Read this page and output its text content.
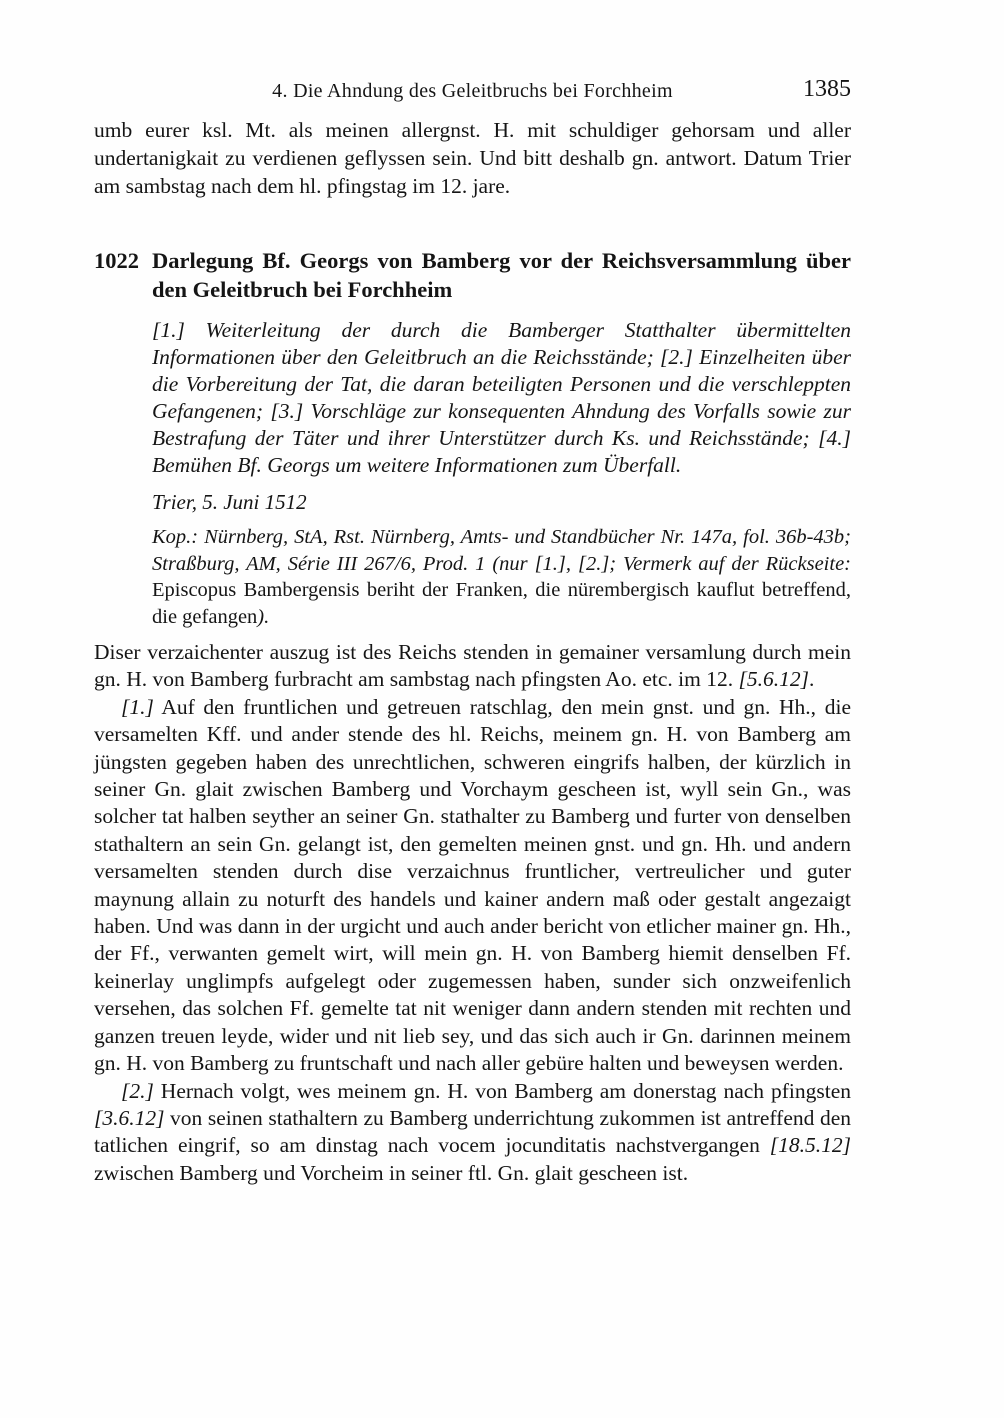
4. Die Ahndung des Geleitbruchs bei Forchheim	1385

umb eurer ksl. Mt. als meinen allergnst. H. mit schuldiger gehorsam und aller undertanigkait zu verdienen geflyssen sein. Und bitt deshalb gn. antwort. Datum Trier am sambstag nach dem hl. pfingstag im 12. jare.

1022 Darlegung Bf. Georgs von Bamberg vor der Reichsversammlung über den Geleitbruch bei Forchheim

[1.] Weiterleitung der durch die Bamberger Statthalter übermittelten Informationen über den Geleitbruch an die Reichsstände; [2.] Einzelheiten über die Vorbereitung der Tat, die daran beteiligten Personen und die verschleppten Gefangenen; [3.] Vorschläge zur konsequenten Ahndung des Vorfalls sowie zur Bestrafung der Täter und ihrer Unterstützer durch Ks. und Reichsstände; [4.] Bemühen Bf. Georgs um weitere Informationen zum Überfall.

Trier, 5. Juni 1512

Kop.: Nürnberg, StA, Rst. Nürnberg, Amts- und Standbücher Nr. 147a, fol. 36b-43b; Straßburg, AM, Série III 267/6, Prod. 1 (nur [1.], [2.]; Vermerk auf der Rückseite: Episcopus Bambergensis beriht der Franken, die nürembergisch kauflut betreffend, die gefangen).

Diser verzaichenter auszug ist des Reichs stenden in gemainer versamlung durch mein gn. H. von Bamberg furbracht am sambstag nach pfingsten Ao. etc. im 12. [5.6.12].

[1.] Auf den fruntlichen und getreuen ratschlag, den mein gnst. und gn. Hh., die versamelten Kff. und ander stende des hl. Reichs, meinem gn. H. von Bamberg am jüngsten gegeben haben des unrechtlichen, schweren eingrifs halben, der kürzlich in seiner Gn. glait zwischen Bamberg und Vorchaym gescheen ist, wyll sein Gn., was solcher tat halben seyther an seiner Gn. stathalter zu Bamberg und furter von denselben stathaltern an sein Gn. gelangt ist, den gemelten meinen gnst. und gn. Hh. und andern versamelten stenden durch dise verzaichnus fruntlicher, vertreulicher und guter maynung allain zu noturft des handels und kainer andern maß oder gestalt angezaigt haben. Und was dann in der urgicht und auch ander bericht von etlicher mainer gn. Hh., der Ff., verwanten gemelt wirt, will mein gn. H. von Bamberg hiemit denselben Ff. keinerlay unglimpfs aufgelegt oder zugemessen haben, sunder sich onzweifenlich versehen, das solchen Ff. gemelte tat nit weniger dann andern stenden mit rechten und ganzen treuen leyde, wider und nit lieb sey, und das sich auch ir Gn. darinnen meinem gn. H. von Bamberg zu fruntschaft und nach aller gebüre halten und beweysen werden.

[2.] Hernach volgt, wes meinem gn. H. von Bamberg am donerstag nach pfingsten [3.6.12] von seinen stathaltern zu Bamberg underrichtung zukommen ist antreffend den tatlichen eingrif, so am dinstag nach vocem jocunditatis nachstvergangen [18.5.12] zwischen Bamberg und Vorcheim in seiner ftl. Gn. glait gescheen ist.
